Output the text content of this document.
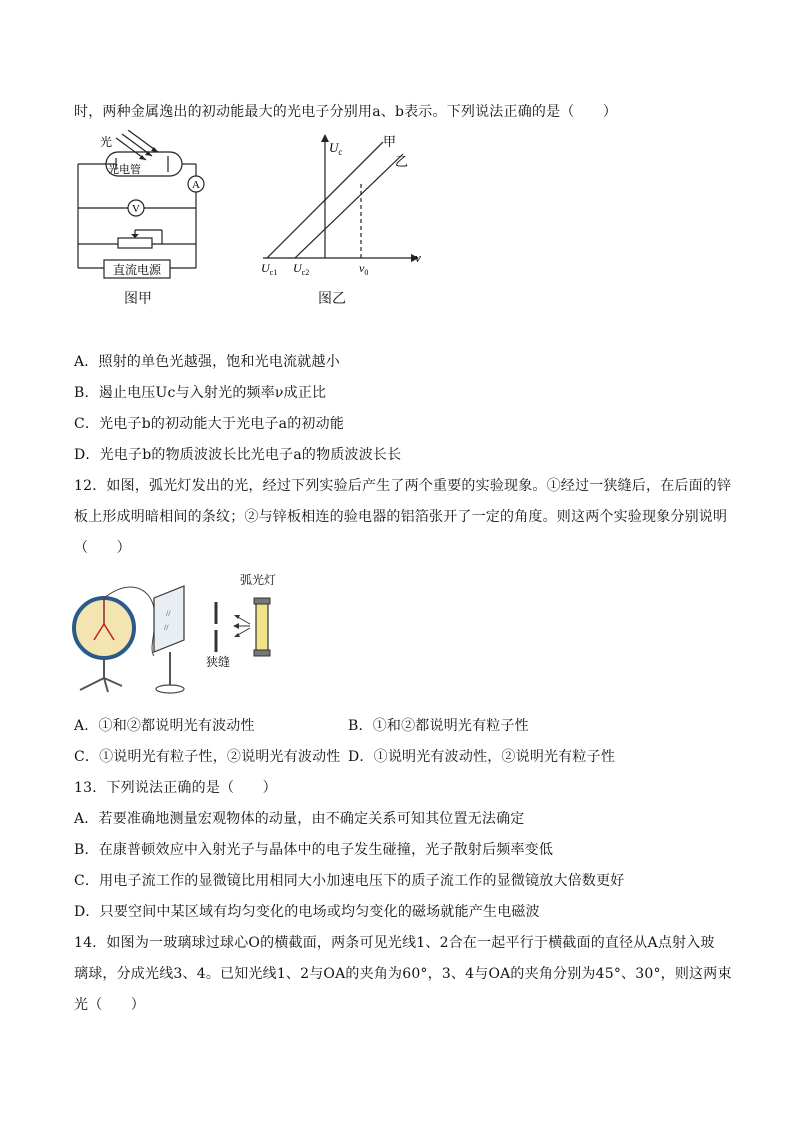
时，两种金属逸出的初动能最大的光电子分别用a、b表示。下列说法正确的是（　　）
A
V
光
光电管
直流电源
图甲
$U_c$
甲
乙
ν
$U_{c1}$ $U_{c2}$	$\nu_0$
图乙
A．照射的单色光越强，饱和光电流就越小
B．遏止电压Uc与入射光的频率ν成正比
C．光电子b的初动能大于光电子a的初动能
D．光电子b的物质波波长比光电子a的物质波波长长
12．如图，弧光灯发出的光，经过下列实验后产生了两个重要的实验现象。①经过一狭缝后，在后面的锌
板上形成明暗相间的条纹；②与锌板相连的验电器的铝箔张开了一定的角度。则这两个实验现象分别说明
（　　）
//
//
弧光灯
狭缝
A．①和②都说明光有波动性	B．①和②都说明光有粒子性
C．①说明光有粒子性，②说明光有波动性 D．①说明光有波动性，②说明光有粒子性
13．下列说法正确的是（　　）
A．若要准确地测量宏观物体的动量，由不确定关系可知其位置无法确定
B．在康普顿效应中入射光子与晶体中的电子发生碰撞，光子散射后频率变低
C．用电子流工作的显微镜比用相同大小加速电压下的质子流工作的显微镜放大倍数更好
D．只要空间中某区域有均匀变化的电场或均匀变化的磁场就能产生电磁波
14．如图为一玻璃球过球心O的横截面，两条可见光线1、2合在一起平行于横截面的直径从A点射入玻
璃球，分成光线3、4。已知光线1、2与OA的夹角为60°，3、4与OA的夹角分别为45°、30°，则这两束
光（　　）
